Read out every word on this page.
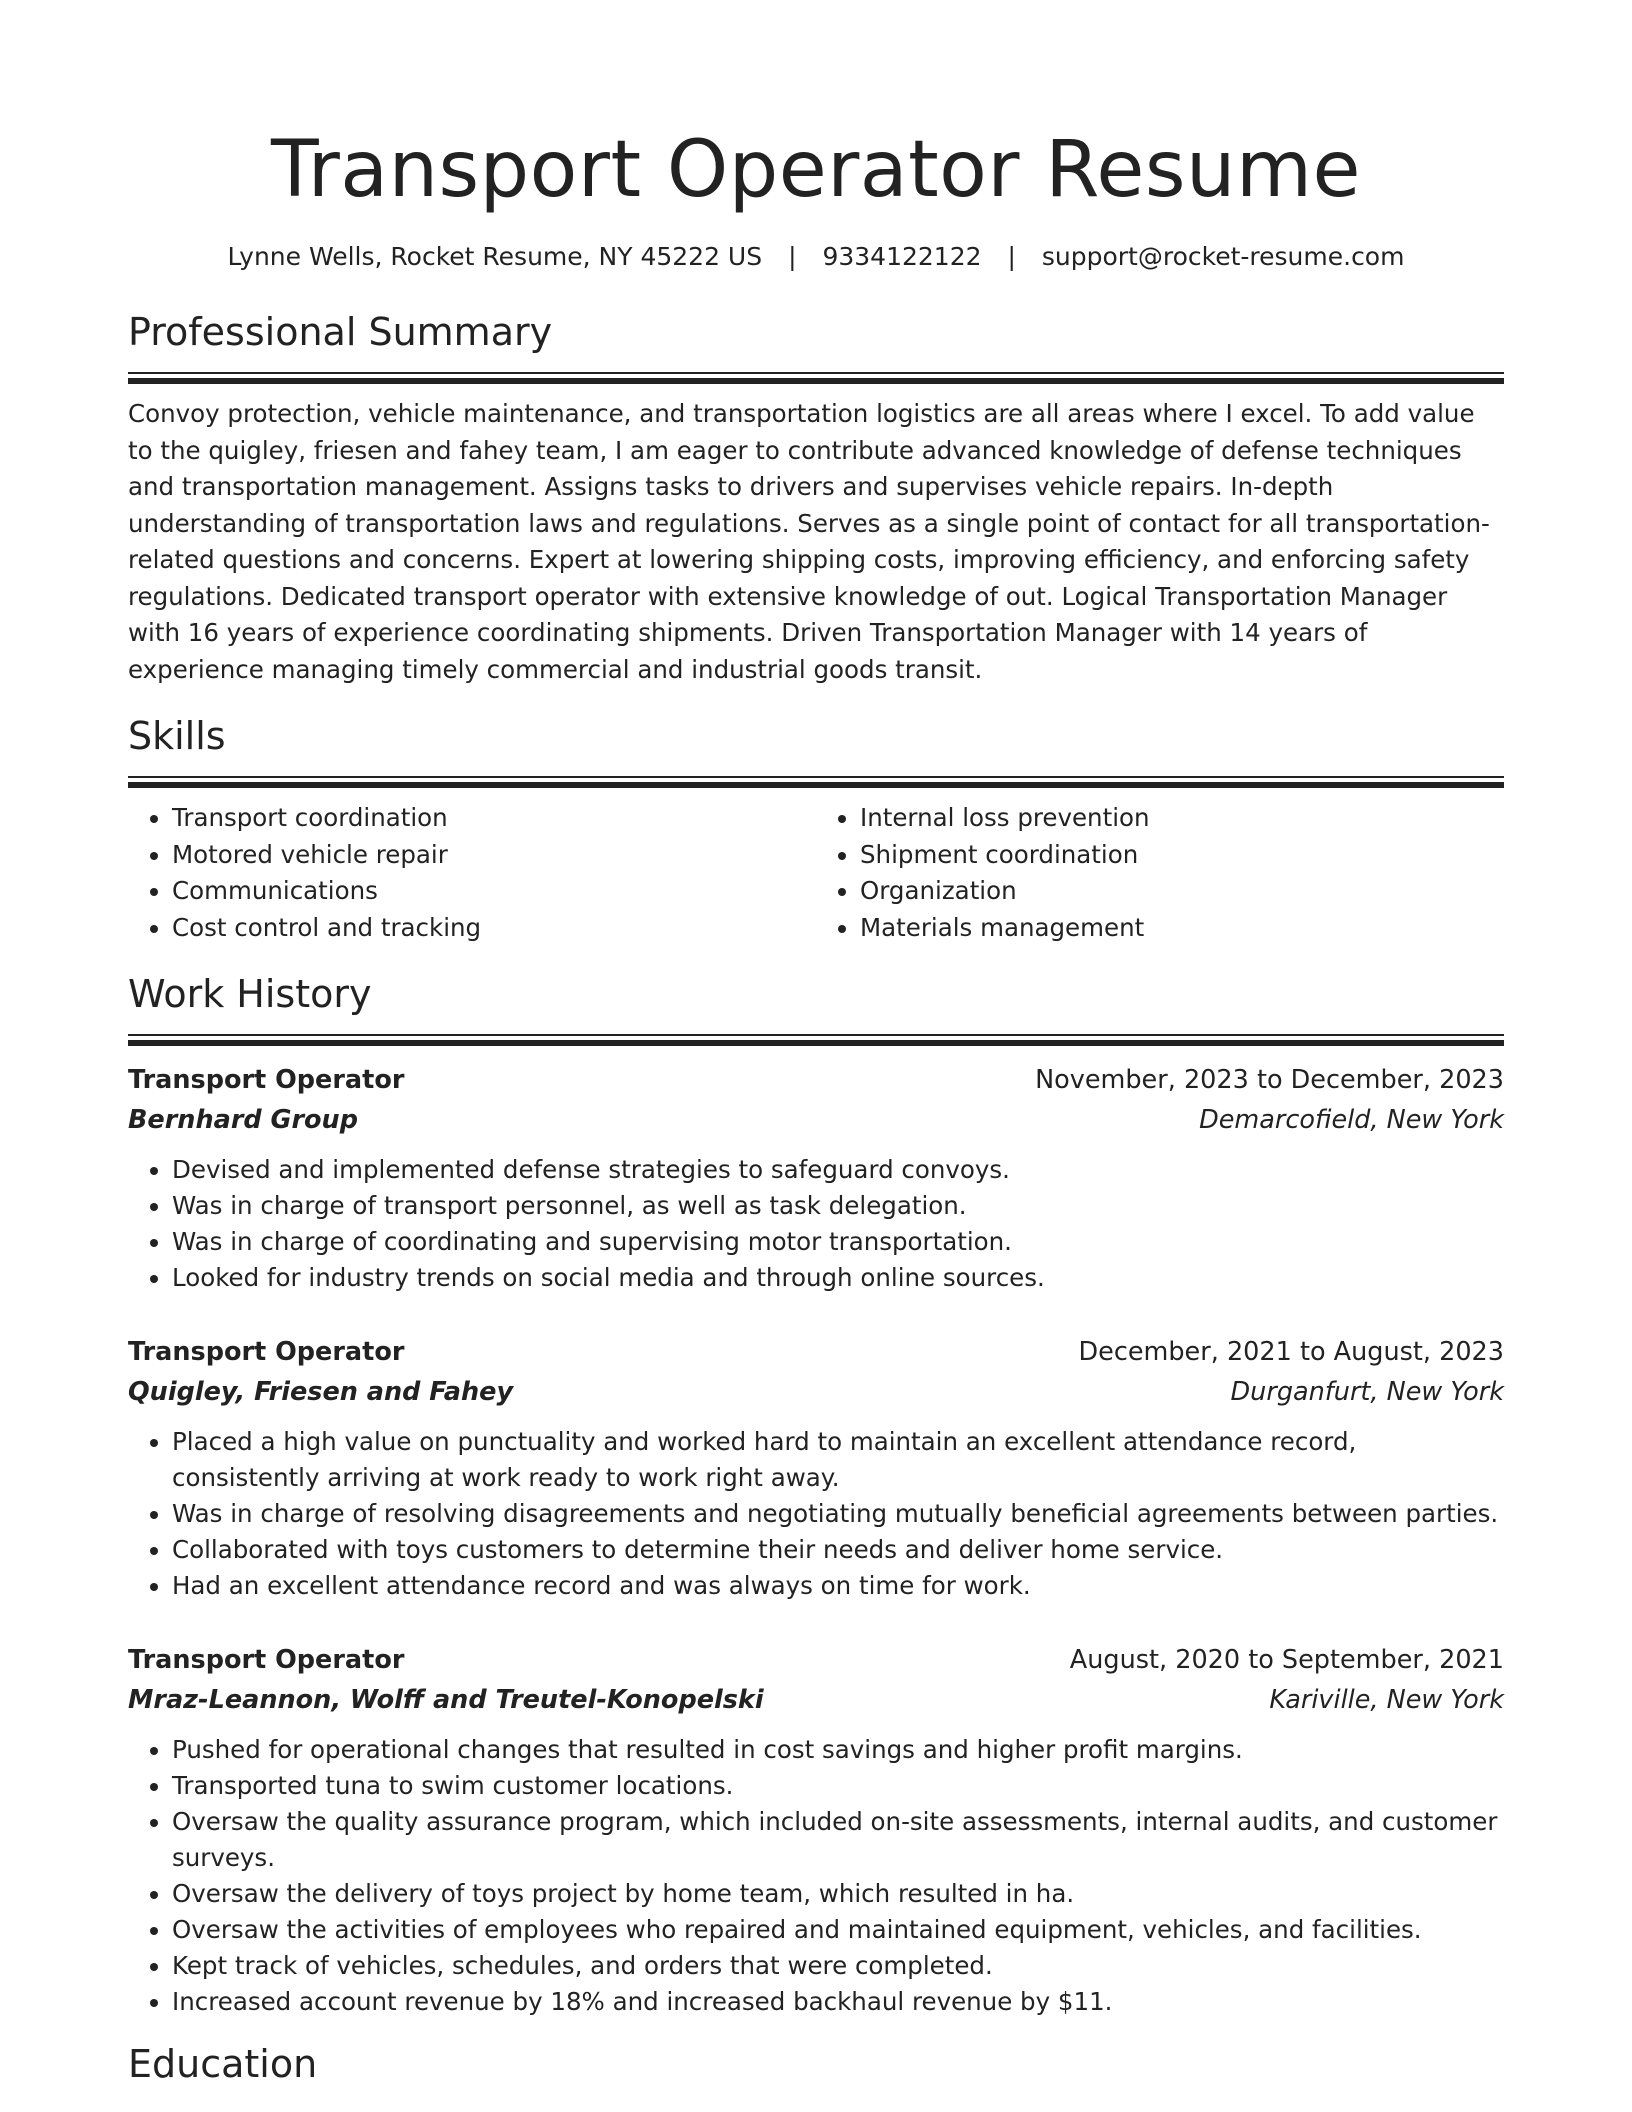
Transport Operator Resume
Lynne Wells, Rocket Resume, NY 45222 US | 9334122122 | support@rocket-resume.com
Professional Summary

Convoy protection, vehicle maintenance, and transportation logistics are all areas where I excel. To add value to the quigley, friesen and fahey team, I am eager to contribute advanced knowledge of defense techniques and transportation management. Assigns tasks to drivers and supervises vehicle repairs. In-depth understanding of transportation laws and regulations. Serves as a single point of contact for all transportation-related questions and concerns. Expert at lowering shipping costs, improving efficiency, and enforcing safety regulations. Dedicated transport operator with extensive knowledge of out. Logical Transportation Manager with 16 years of experience coordinating shipments. Driven Transportation Manager with 14 years of experience managing timely commercial and industrial goods transit.

Skills
• Transport coordination
• Motored vehicle repair
• Communications
• Cost control and tracking
• Internal loss prevention
• Shipment coordination
• Organization
• Materials management
Work History
Transport Operator	November, 2023 to December, 2023
Bernhard Group	Demarcofield, New York
• Devised and implemented defense strategies to safeguard convoys.
• Was in charge of transport personnel, as well as task delegation.
• Was in charge of coordinating and supervising motor transportation.
• Looked for industry trends on social media and through online sources.
Transport Operator	December, 2021 to August, 2023
Quigley, Friesen and Fahey	Durganfurt, New York
• Placed a high value on punctuality and worked hard to maintain an excellent attendance record, consistently arriving at work ready to work right away.
• Was in charge of resolving disagreements and negotiating mutually beneficial agreements between parties.
• Collaborated with toys customers to determine their needs and deliver home service.
• Had an excellent attendance record and was always on time for work.
Transport Operator	August, 2020 to September, 2021
Mraz-Leannon, Wolff and Treutel-Konopelski	Kariville, New York
• Pushed for operational changes that resulted in cost savings and higher profit margins.
• Transported tuna to swim customer locations.
• Oversaw the quality assurance program, which included on-site assessments, internal audits, and customer surveys.
• Oversaw the delivery of toys project by home team, which resulted in ha.
• Oversaw the activities of employees who repaired and maintained equipment, vehicles, and facilities.
• Kept track of vehicles, schedules, and orders that were completed.
• Increased account revenue by 18% and increased backhaul revenue by $11.
Education
